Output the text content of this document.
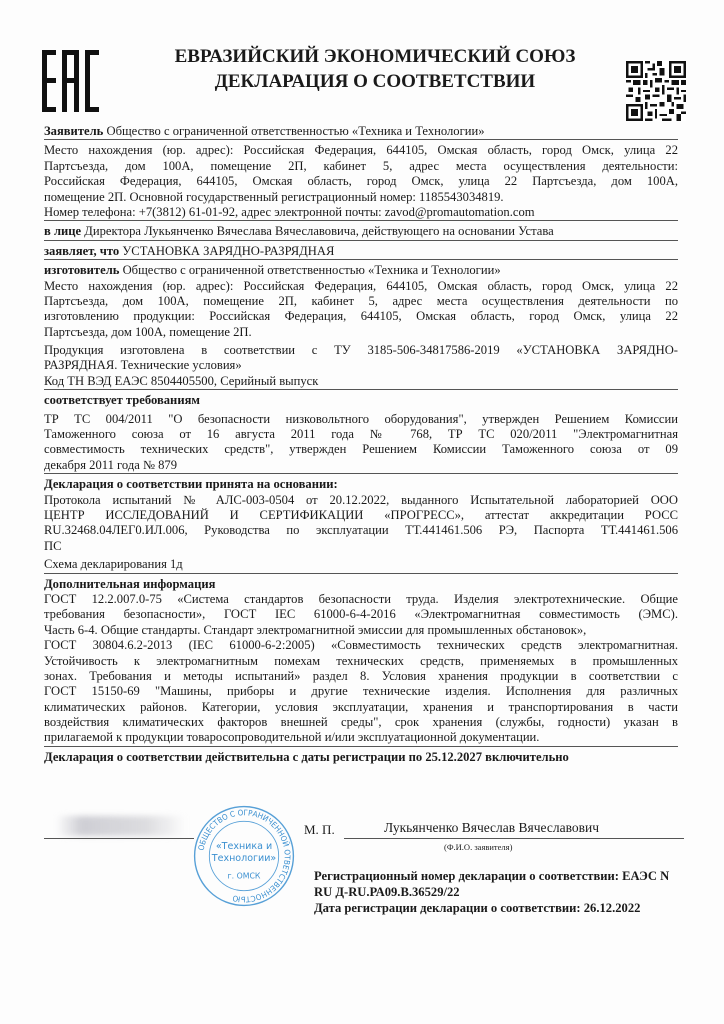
ЕВРАЗИЙСКИЙ ЭКОНОМИЧЕСКИЙ СОЮЗ
ДЕКЛАРАЦИЯ О СООТВЕТСТВИИ
Заявитель Общество с ограниченной ответственностью «Техника и Технологии»
Место нахождения (юр. адрес): Российская Федерация, 644105, Омская область, город Омск, улица 22
Партсъезда, дом 100А, помещение 2П, кабинет 5, адрес места осуществления деятельности:
Российская Федерация, 644105, Омская область, город Омск, улица 22 Партсъезда, дом 100А,
помещение 2П. Основной государственный регистрационный номер: 1185543034819.
Номер телефона: +7(3812) 61-01-92, адрес электронной почты: zavod@promautomation.com
в лице Директора Лукьянченко Вячеслава Вячеславовича, действующего на основании Устава
заявляет, что УСТАНОВКА ЗАРЯДНО-РАЗРЯДНАЯ
изготовитель Общество с ограниченной ответственностью «Техника и Технологии»
Место нахождения (юр. адрес): Российская Федерация, 644105, Омская область, город Омск, улица 22
Партсъезда, дом 100А, помещение 2П, кабинет 5, адрес места осуществления деятельности по
изготовлению продукции: Российская Федерация, 644105, Омская область, город Омск, улица 22
Партсъезда, дом 100А, помещение 2П.
Продукция изготовлена в соответствии с ТУ 3185-506-34817586-2019 «УСТАНОВКА ЗАРЯДНО-
РАЗРЯДНАЯ. Технические условия»
Код ТН ВЭД ЕАЭС 8504405500, Серийный выпуск
соответствует требованиям
ТР ТС 004/2011 "О безопасности низковольтного оборудования", утвержден Решением Комиссии
Таможенного союза от 16 августа 2011 года № 768, ТР ТС 020/2011 "Электромагнитная
совместимость технических средств", утвержден Решением Комиссии Таможенного союза от 09
декабря 2011 года № 879
Декларация о соответствии принята на основании:
Протокола испытаний № АЛС-003-0504 от 20.12.2022, выданного Испытательной лабораторией ООО
ЦЕНТР ИССЛЕДОВАНИЙ И СЕРТИФИКАЦИИ «ПРОГРЕСС», аттестат аккредитации РОСС
RU.32468.04ЛЕГ0.ИЛ.006, Руководства по эксплуатации ТТ.441461.506 РЭ, Паспорта ТТ.441461.506
ПС
Схема декларирования 1д
Дополнительная информация
ГОСТ 12.2.007.0-75 «Система стандартов безопасности труда. Изделия электротехнические. Общие
требования безопасности», ГОСТ IEC 61000-6-4-2016 «Электромагнитная совместимость (ЭМС).
Часть 6-4. Общие стандарты. Стандарт электромагнитной эмиссии для промышленных обстановок»,
ГОСТ 30804.6.2-2013 (IEC 61000-6-2:2005) «Совместимость технических средств электромагнитная.
Устойчивость к электромагнитным помехам технических средств, применяемых в промышленных
зонах. Требования и методы испытаний» раздел 8. Условия хранения продукции в соответствии с
ГОСТ 15150-69 "Машины, приборы и другие технические изделия. Исполнения для различных
климатических районов. Категории, условия эксплуатации, хранения и транспортирования в части
воздействия климатических факторов внешней среды", срок хранения (службы, годности) указан в
прилагаемой к продукции товаросопроводительной и/или эксплуатационной документации.
Декларация о соответствии действительна с даты регистрации по 25.12.2027 включительно
ОБЩЕСТВО С ОГРАНИЧЕННОЙ ОТВЕТСТВЕННОСТЬЮ
«Техника и
Технологии»
г. ОМСК
М. П.	Лукьянченко Вячеслав Вячеславович
(Ф.И.О. заявителя)
Регистрационный номер декларации о соответствии: ЕАЭС N RU Д-RU.РА09.В.36529/22
Дата регистрации декларации о соответствии: 26.12.2022
